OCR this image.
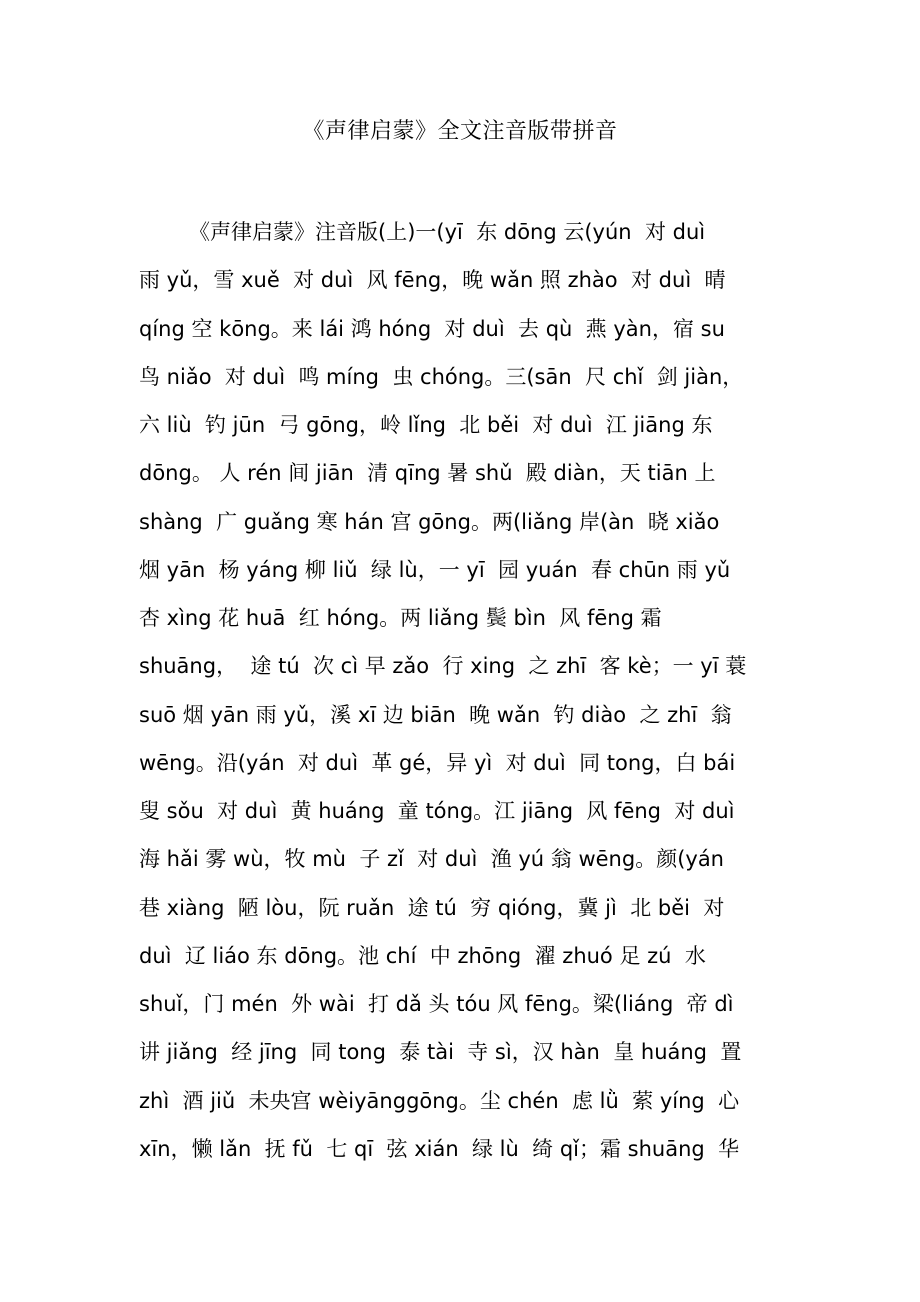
《声律启蒙》全文注音版带拼音
《声律启蒙》注音版(上)一(yī  东 dōng 云(yún  对 duì
雨 yǔ，雪 xuě  对 duì  风 fēng，晚 wǎn 照 zhào  对 duì  晴
qíng 空 kōng。来 lái 鸿 hóng  对 duì  去 qù  燕 yàn，宿 su
鸟 niǎo  对 duì  鸣 míng  虫 chóng。三(sān  尺 chǐ  剑 jiàn，
六 liù  钓 jūn  弓 gōng，岭 lǐng  北 běi  对 duì  江 jiāng 东
dōng。 人 rén 间 jiān  清 qīng 暑 shǔ  殿 diàn，天 tiān 上
shàng  广 guǎng 寒 hán 宫 gōng。两(liǎng 岸(àn  晓 xiǎo
烟 yān  杨 yáng 柳 liǔ  绿 lù，一 yī  园 yuán  春 chūn 雨 yǔ
杏 xìng 花 huā  红 hóng。两 liǎng 鬓 bìn  风 fēng 霜
shuāng，  途 tú  次 cì 早 zǎo  行 xing  之 zhī  客 kè；一 yī 蓑
suō 烟 yān 雨 yǔ，溪 xī 边 biān  晚 wǎn  钓 diào  之 zhī  翁
wēng。沿(yán  对 duì  革 gé，异 yì  对 duì  同 tong，白 bái
叟 sǒu  对 duì  黄 huáng  童 tóng。江 jiāng  风 fēng  对 duì
海 hǎi 雾 wù，牧 mù  子 zǐ  对 duì  渔 yú 翁 wēng。颜(yán
巷 xiàng  陋 lòu，阮 ruǎn  途 tú  穷 qióng，冀 jì  北 běi  对
duì  辽 liáo 东 dōng。池 chí  中 zhōng  濯 zhuó 足 zú  水
shuǐ，门 mén  外 wài  打 dǎ 头 tóu 风 fēng。梁(liáng  帝 dì
讲 jiǎng  经 jīng  同 tong  泰 tài  寺 sì，汉 hàn  皇 huáng  置
zhì  酒 jiǔ  未央宫 wèiyānggōng。尘 chén  虑 lǜ  萦 yíng  心
xīn，懒 lǎn  抚 fǔ  七 qī  弦 xián  绿 lù  绮 qǐ；霜 shuāng  华
